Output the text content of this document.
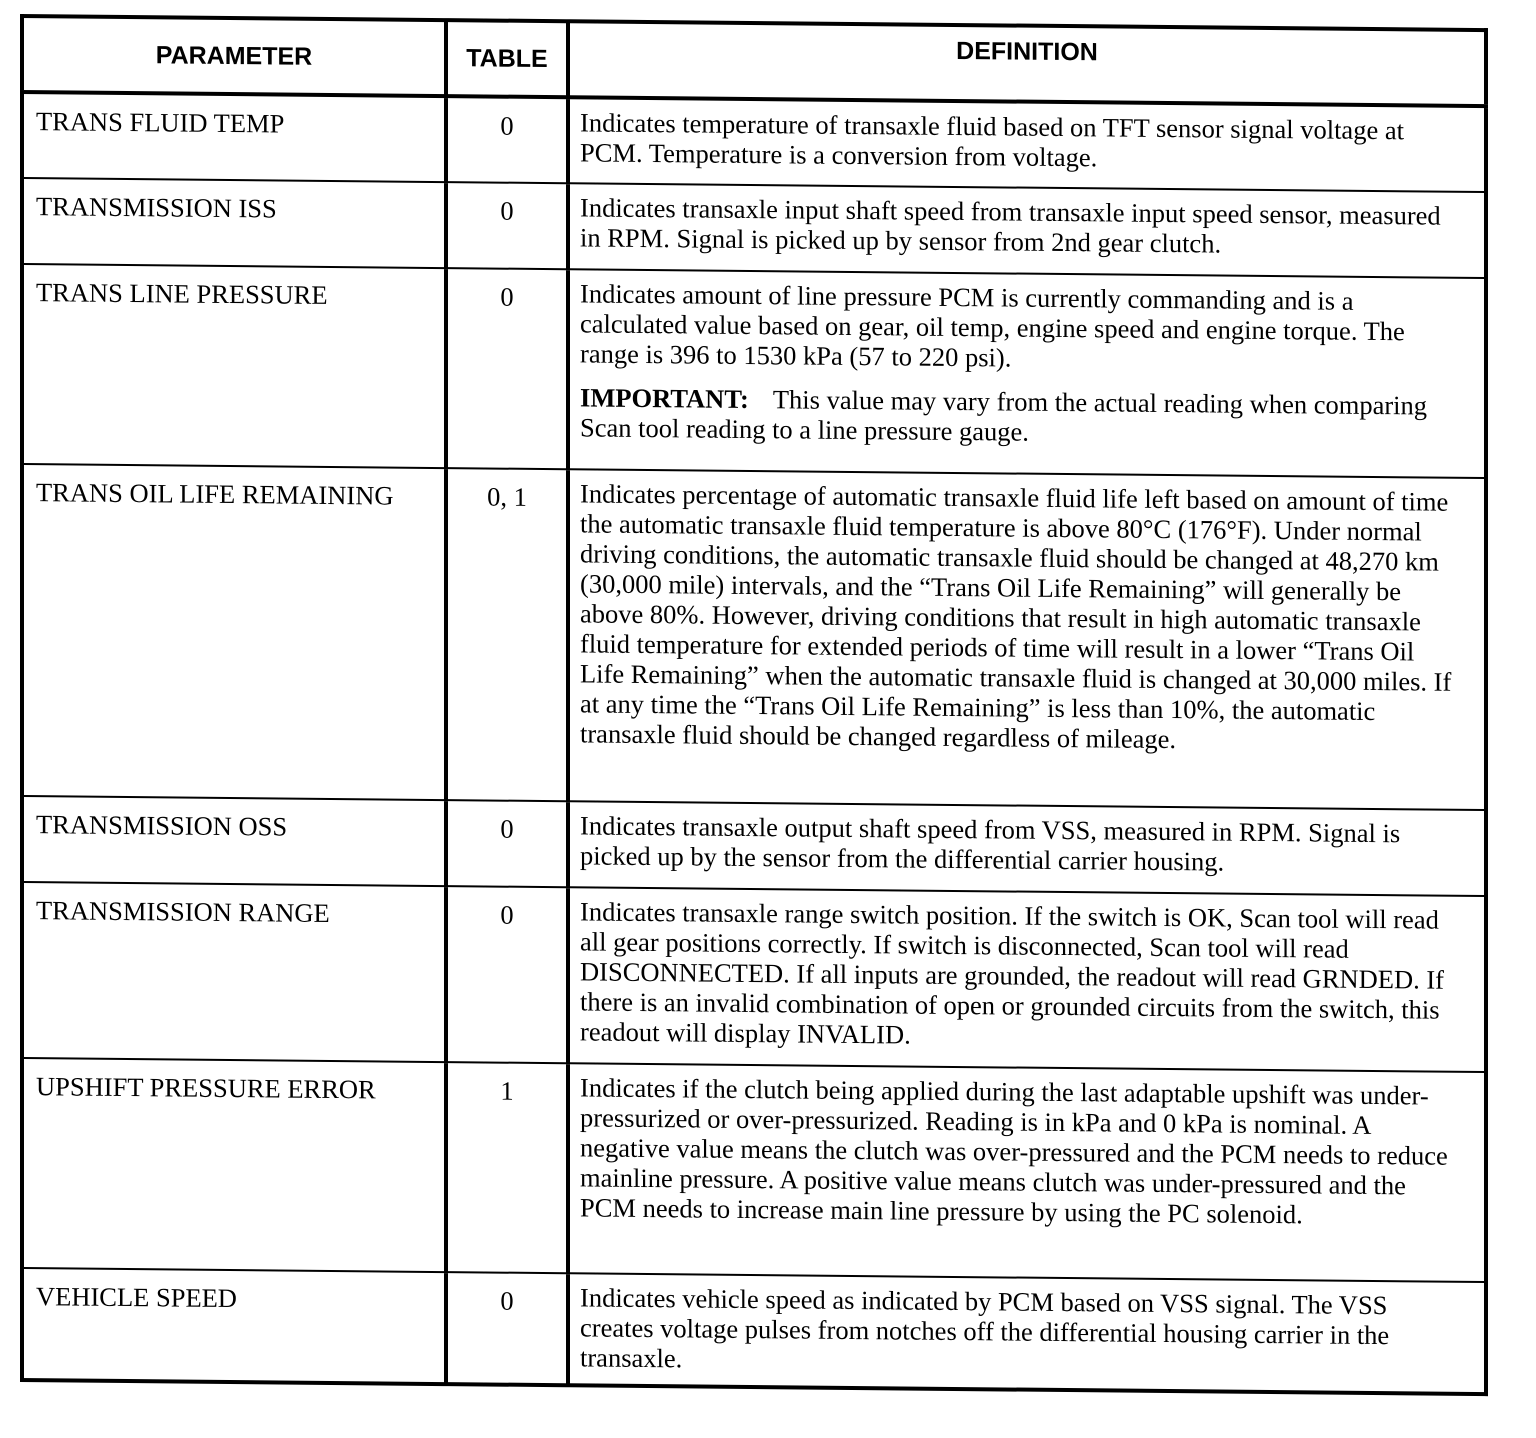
PARAMETER	TABLE	DEFINITION
TRANS FLUID TEMP	0	Indicates temperature of transaxle fluid based on TFT sensor signal voltage at PCM. Temperature is a conversion from voltage.

TRANSMISSION ISS	0	Indicates transaxle input shaft speed from transaxle input speed sensor, measured in RPM. Signal is picked up by sensor from 2nd gear clutch.

TRANS LINE PRESSURE	0	Indicates amount of line pressure PCM is currently commanding and is a calculated value based on gear, oil temp, engine speed and engine torque. The range is 396 to 1530 kPa (57 to 220 psi).

IMPORTANT: This value may vary from the actual reading when comparing Scan tool reading to a line pressure gauge.

TRANS OIL LIFE REMAINING	0, 1	Indicates percentage of automatic transaxle fluid life left based on amount of time the automatic transaxle fluid temperature is above 80°C (176°F). Under normal driving conditions, the automatic transaxle fluid should be changed at 48,270 km (30,000 mile) intervals, and the “Trans Oil Life Remaining” will generally be above 80%. However, driving conditions that result in high automatic transaxle fluid temperature for extended periods of time will result in a lower “Trans Oil Life Remaining” when the automatic transaxle fluid is changed at 30,000 miles. If at any time the “Trans Oil Life Remaining” is less than 10%, the automatic transaxle fluid should be changed regardless of mileage.

TRANSMISSION OSS	0	Indicates transaxle output shaft speed from VSS, measured in RPM. Signal is picked up by the sensor from the differential carrier housing.

TRANSMISSION RANGE	0	Indicates transaxle range switch position. If the switch is OK, Scan tool will read all gear positions correctly. If switch is disconnected, Scan tool will read DISCONNECTED. If all inputs are grounded, the readout will read GRNDED. If there is an invalid combination of open or grounded circuits from the switch, this readout will display INVALID.

UPSHIFT PRESSURE ERROR	1	Indicates if the clutch being applied during the last adaptable upshift was under-pressurized or over-pressurized. Reading is in kPa and 0 kPa is nominal. A negative value means the clutch was over-pressured and the PCM needs to reduce mainline pressure. A positive value means clutch was under-pressured and the PCM needs to increase main line pressure by using the PC solenoid.

VEHICLE SPEED	0	Indicates vehicle speed as indicated by PCM based on VSS signal. The VSS creates voltage pulses from notches off the differential housing carrier in the transaxle.
